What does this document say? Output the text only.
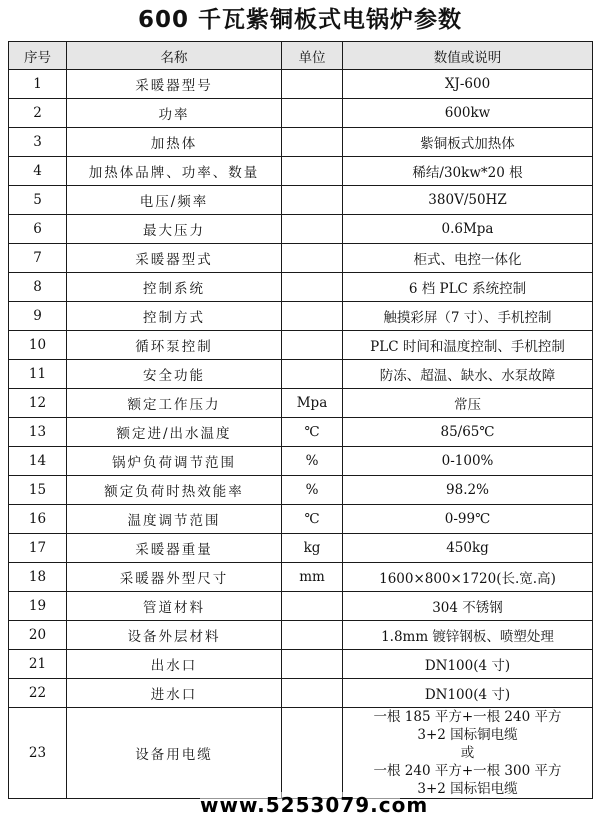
600 千瓦紫铜板式电锅炉参数
序号	名称	单位	数值或说明
1	采暖器型号		XJ-600
2	功率		600kw
3	加热体		紫铜板式加热体
4	加热体品牌、功率、数量		稀结/30kw*20 根
5	电压/频率		380V/50HZ
6	最大压力		0.6Mpa
7	采暖器型式		柜式、电控一体化
8	控制系统		6 档 PLC 系统控制
9	控制方式		触摸彩屏（7 寸）、手机控制
10	循环泵控制		PLC 时间和温度控制、手机控制
11	安全功能		防冻、超温、缺水、水泵故障
12	额定工作压力	Mpa	常压
13	额定进/出水温度	℃	85/65℃
14	锅炉负荷调节范围	%	0-100%
15	额定负荷时热效能率	%	98.2%
16	温度调节范围	℃	0-99℃
17	采暖器重量	kg	450kg
18	采暖器外型尺寸	mm	1600×800×1720(长.宽.高)
19	管道材料		304 不锈钢
20	设备外层材料		1.8mm 镀锌钢板、喷塑处理
21	出水口		DN100(4 寸)
22	进水口		DN100(4 寸)
23	设备用电缆		一根 185 平方+一根 240 平方
3+2 国标铜电缆
或
一根 240 平方+一根 300 平方
3+2 国标铝电缆
www.5253079.com
